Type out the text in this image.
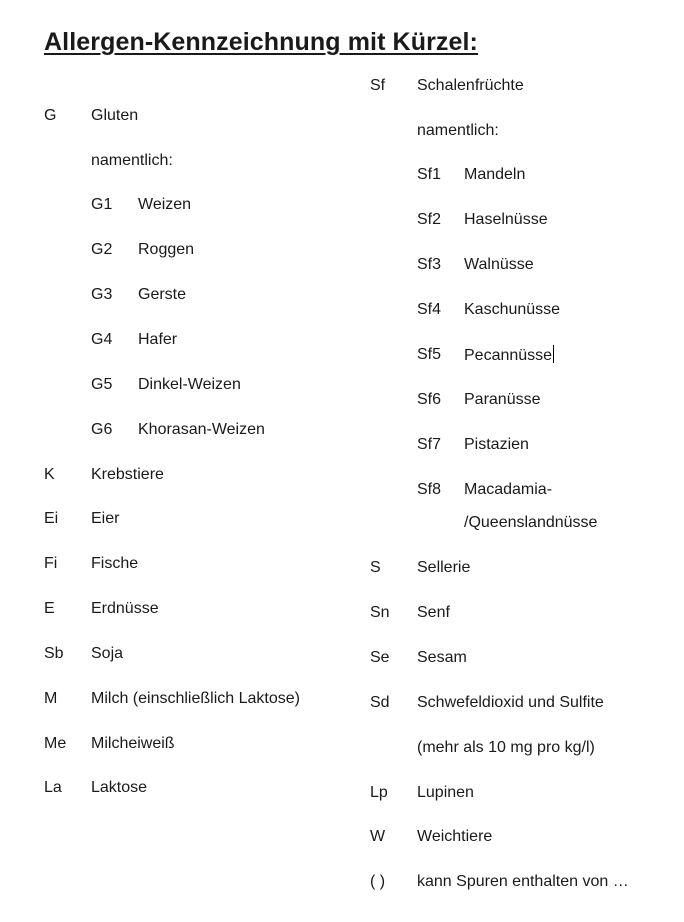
Allergen-Kennzeichnung mit Kürzel:
G Gluten
namentlich:
G1 Weizen
G2 Roggen
G3 Gerste
G4 Hafer
G5 Dinkel-Weizen
G6 Khorasan-Weizen
K Krebstiere
Ei Eier
Fi Fische
E Erdnüsse
Sb Soja
M Milch (einschließlich Laktose)
Me Milcheiweiß
La Laktose
Sf Schalenfrüchte
namentlich:
Sf1 Mandeln
Sf2 Haselnüsse
Sf3 Walnüsse
Sf4 Kaschunüsse
Sf5 Pecannüsse
Sf6 Paranüsse
Sf7 Pistazien
Sf8 Macadamia-
/Queenslandnüsse
S Sellerie
Sn Senf
Se Sesam
Sd Schwefeldioxid und Sulfite
(mehr als 10 mg pro kg/l)
Lp Lupinen
W Weichtiere
( ) kann Spuren enthalten von …
